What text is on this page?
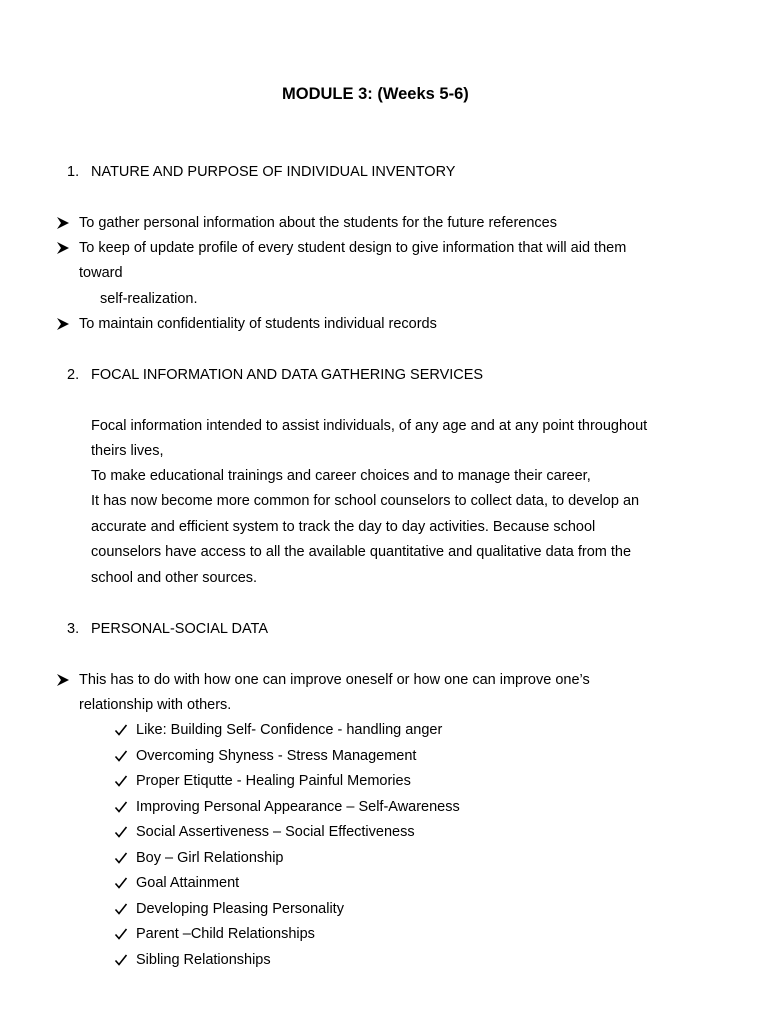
MODULE 3: (Weeks 5-6)
1. NATURE AND PURPOSE OF INDIVIDUAL INVENTORY
To gather personal information about the students for the future references
To keep of update profile of every student design to give information that will aid them
toward
self-realization.
To maintain confidentiality of students individual records
2. FOCAL INFORMATION AND DATA GATHERING SERVICES
Focal information intended to assist individuals, of any age and at any point throughout
theirs lives,
To make educational trainings and career choices and to manage their career,
It has now become more common for school counselors to collect data, to develop an
accurate and efficient system to track the day to day activities. Because school
counselors have access to all the available quantitative and qualitative data from the
school and other sources.
3. PERSONAL-SOCIAL DATA
This has to do with how one can improve oneself or how one can improve one’s
relationship with others.
Like: Building Self- Confidence - handling anger
Overcoming Shyness - Stress Management
Proper Etiqutte - Healing Painful Memories
Improving Personal Appearance – Self-Awareness
Social Assertiveness – Social Effectiveness
Boy – Girl Relationship
Goal Attainment
Developing Pleasing Personality
Parent –Child Relationships
Sibling Relationships
